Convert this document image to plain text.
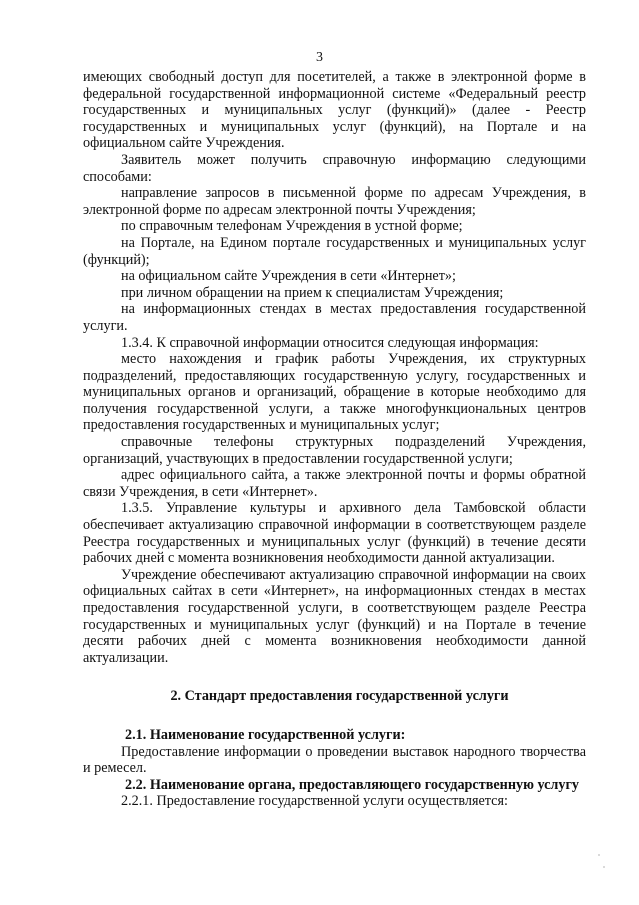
3

имеющих свободный доступ для посетителей, а также в электронной форме в федеральной государственной информационной системе «Федеральный реестр государственных и муниципальных услуг (функций)» (далее - Реестр государственных и муниципальных услуг (функций), на Портале и на официальном сайте Учреждения.

Заявитель может получить справочную информацию следующими способами:

направление запросов в письменной форме по адресам Учреждения, в электронной форме по адресам электронной почты Учреждения;

по справочным телефонам Учреждения в устной форме;

на Портале, на Едином портале государственных и муниципальных услуг (функций);

на официальном сайте Учреждения в сети «Интернет»;

при личном обращении на прием к специалистам Учреждения;

на информационных стендах в местах предоставления государственной услуги.

1.3.4. К справочной информации относится следующая информация:

место нахождения и график работы Учреждения, их структурных подразделений, предоставляющих государственную услугу, государственных и муниципальных органов и организаций, обращение в которые необходимо для получения государственной услуги, а также многофункциональных центров предоставления государственных и муниципальных услуг;

справочные телефоны структурных подразделений Учреждения, организаций, участвующих в предоставлении государственной услуги;

адрес официального сайта, а также электронной почты и формы обратной связи Учреждения, в сети «Интернет».

1.3.5. Управление культуры и архивного дела Тамбовской области обеспечивает актуализацию справочной информации в соответствующем разделе Реестра государственных и муниципальных услуг (функций) в течение десяти рабочих дней с момента возникновения необходимости данной актуализации.

Учреждение обеспечивают актуализацию справочной информации на своих официальных сайтах в сети «Интернет», на информационных стендах в местах предоставления государственной услуги, в соответствующем разделе Реестра государственных и муниципальных услуг (функций) и на Портале в течение десяти рабочих дней с момента возникновения необходимости данной актуализации.

2. Стандарт предоставления государственной услуги

2.1. Наименование государственной услуги:

Предоставление информации о проведении выставок народного творчества и ремесел.

2.2. Наименование органа, предоставляющего государственную услугу

2.2.1. Предоставление государственной услуги осуществляется:
